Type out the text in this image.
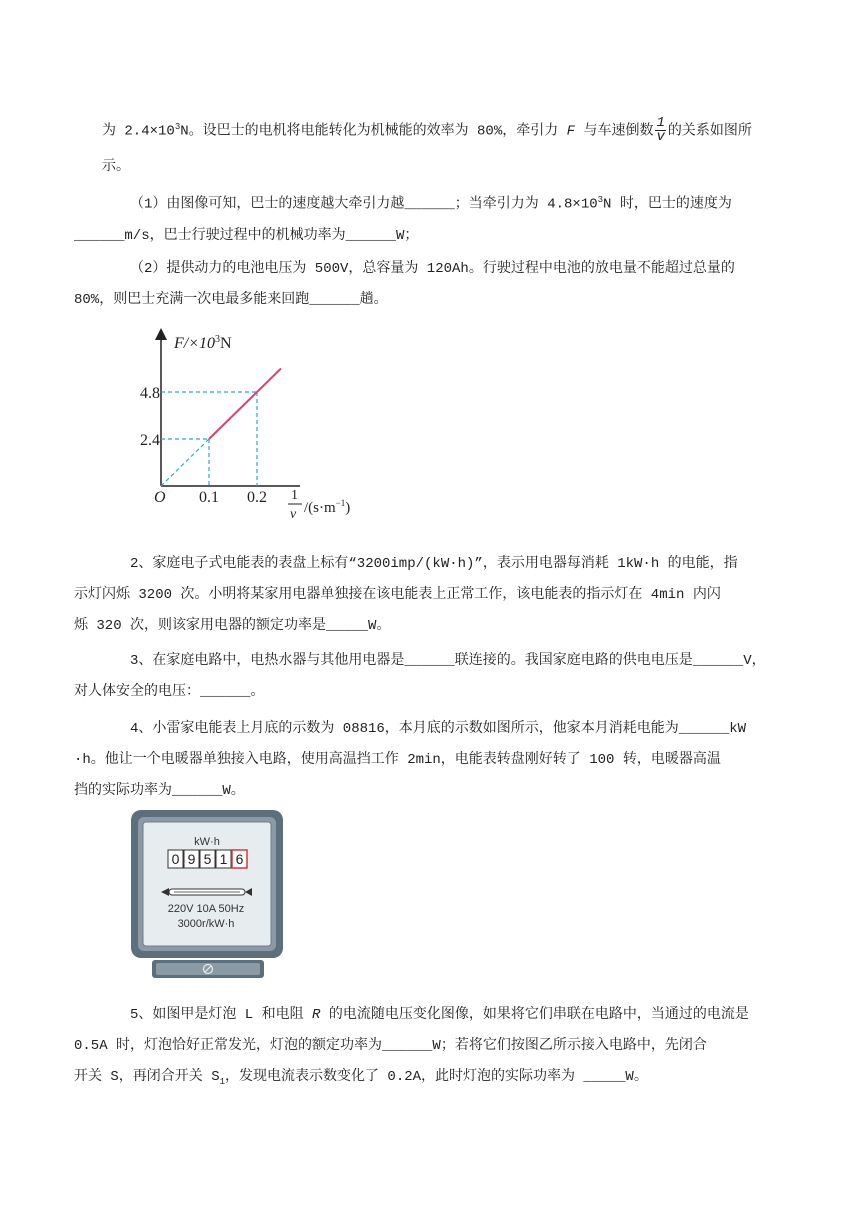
为 $2.4\times 10^3N$。设巴士的电机将电能转化为机械能的效率为 80%，牵引力 F 与车速倒数 $\frac{1}{v}$ 的关系如图所
示。
（1）由图像可知，巴士的速度越大牵引力越______；当牵引力为 $4.8\times 10^3N$ 时，巴士的速度为
______m/s，巴士行驶过程中的机械功率为______W；
（2）提供动力的电池电压为 500V，总容量为 120Ah。行驶过程中电池的放电量不能超过总量的
80%，则巴士充满一次电最多能来回跑______趟。
$F/\times 10^3N$
O
4.8
2.4
0.1 0.2 1
v $/(s\cdot m^{-1})$
2、家庭电子式电能表的表盘上标有“3200imp/(kW·h)”，表示用电器每消耗 1kW·h 的电能，指
示灯闪烁 3200 次。小明将某家用电器单独接在该电能表上正常工作，该电能表的指示灯在 4min 内闪
烁 320 次，则该家用电器的额定功率是_____W。
3、在家庭电路中，电热水器与其他用电器是______联连接的。我国家庭电路的供电电压是______V，
对人体安全的电压：______。
4、小雷家电能表上月底的示数为 08816，本月底的示数如图所示，他家本月消耗电能为______kW
·h。他让一个电暖器单独接入电路，使用高温挡工作 2min，电能表转盘刚好转了 100 转，电暖器高温
挡的实际功率为______W。
kW·h
0 9 5 1 6
220V 10A 50Hz
3000r/kW·h
5、如图甲是灯泡 L 和电阻 R 的电流随电压变化图像，如果将它们串联在电路中，当通过的电流是
0.5A 时，灯泡恰好正常发光，灯泡的额定功率为______W；若将它们按图乙所示接入电路中，先闭合
开关 S，再闭合开关 $S_1$，发现电流表示数变化了 0.2A，此时灯泡的实际功率为 _____W。
